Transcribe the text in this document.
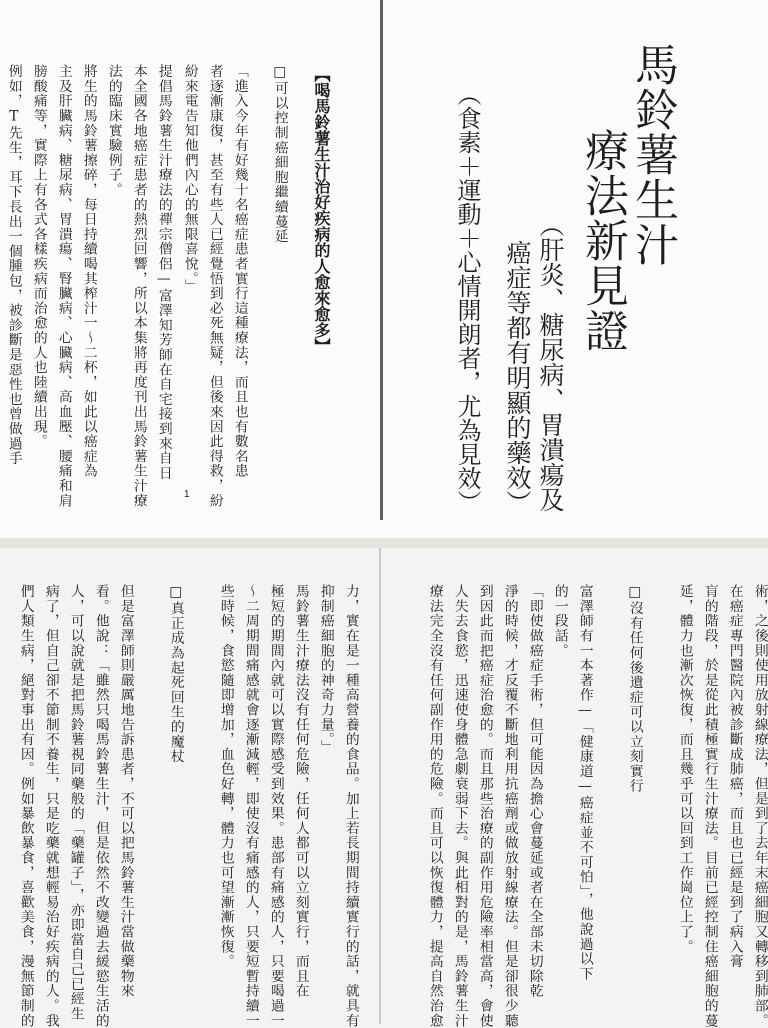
馬鈴薯生汁
療法新見證
（肝炎、糖尿病、胃潰瘍及
癌症等都有明顯的藥效）
（食素＋運動＋心情開朗者，尤為見效）
【喝馬鈴薯生汁治好疾病的人愈來愈多】
□可以控制癌細胞繼續蔓延
「進入今年有好幾十名癌症患者實行這種療法，而且也有數名患
者逐漸康復，甚至有些人已經覺悟到必死無疑，但後來因此得救，紛
紛來電告知他們內心的無限喜悅。」
提倡馬鈴薯生汁療法的禪宗僧侶—富澤知芳師在自宅接到來自日
本全國各地癌症患者的熱烈回響，所以本集將再度刊出馬鈴薯生汁療
法的臨床實驗例子。
將生的馬鈴薯擦碎，每日持續喝其榨汁一～二杯，如此以癌症為
主及肝臟病、糖尿病、胃潰瘍、腎臟病、心臟病、高血壓、腰痛和肩
膀酸痛等，實際上有各式各樣疾病而治愈的人也陸續出現。
例如，T先生，耳下長出一個腫包，被診斷是惡性也曾做過手
1
術，之後則使用放射線療法，但是到了去年末癌細胞又轉移到肺部。
在癌症專門醫院內被診斷成肺癌，而且也已經是到了病入膏
肓的階段，於是從此積極實行生汁療法。目前已經控制住癌細胞的蔓
延，體力也漸次恢復，而且幾乎可以回到工作崗位上了。
□沒有任何後遺症可以立刻實行
富澤師有一本著作—「健康道—癌症並不可怕」，他說過以下
的一段話。
「即使做癌症手術，但可能因為擔心會蔓延或者在全部未切除乾
淨的時候，才反覆不斷地利用抗癌劑或做放射線療法。但是卻很少聽
到因此而把癌症治愈的。而且那些治療的副作用危險率相當高，會使
人失去食慾，迅速使身體急劇衰弱下去。與此相對的是，馬鈴薯生汁
療法完全沒有任何副作用的危險。而且可以恢復體力，提高自然治愈
力，實在是一種高營養的食品。加上若長期間持續實行的話，就具有
抑制癌細胞的神奇力量。」
馬鈴薯生汁療法沒有任何危險，任何人都可以立刻實行，而且在
極短的期間內就可以實際感受到效果。患部有痛感的人，只要喝過一
～二周期間痛感就會逐漸減輕，即使沒有痛感的人，只要短暫持續一
些時候，食慾隨即增加，血色好轉，體力也可望漸漸恢復。
□真正成為起死回生的魔杖
但是富澤師則嚴厲地告訴患者，不可以把馬鈴薯生汁當做藥物來
看。他說：「雖然只喝馬鈴薯生汁，但是依然不改變過去緩慾生活的
人，可以說就是把馬鈴薯視同藥般的「藥罐子」，亦即當自己已經生
病了，但自己卻不節制不養生，只是吃藥就想輕易治好疾病的人。我
們人類生病，絕對事出有因。例如暴飲暴食，喜歡美食，漫無節制的
